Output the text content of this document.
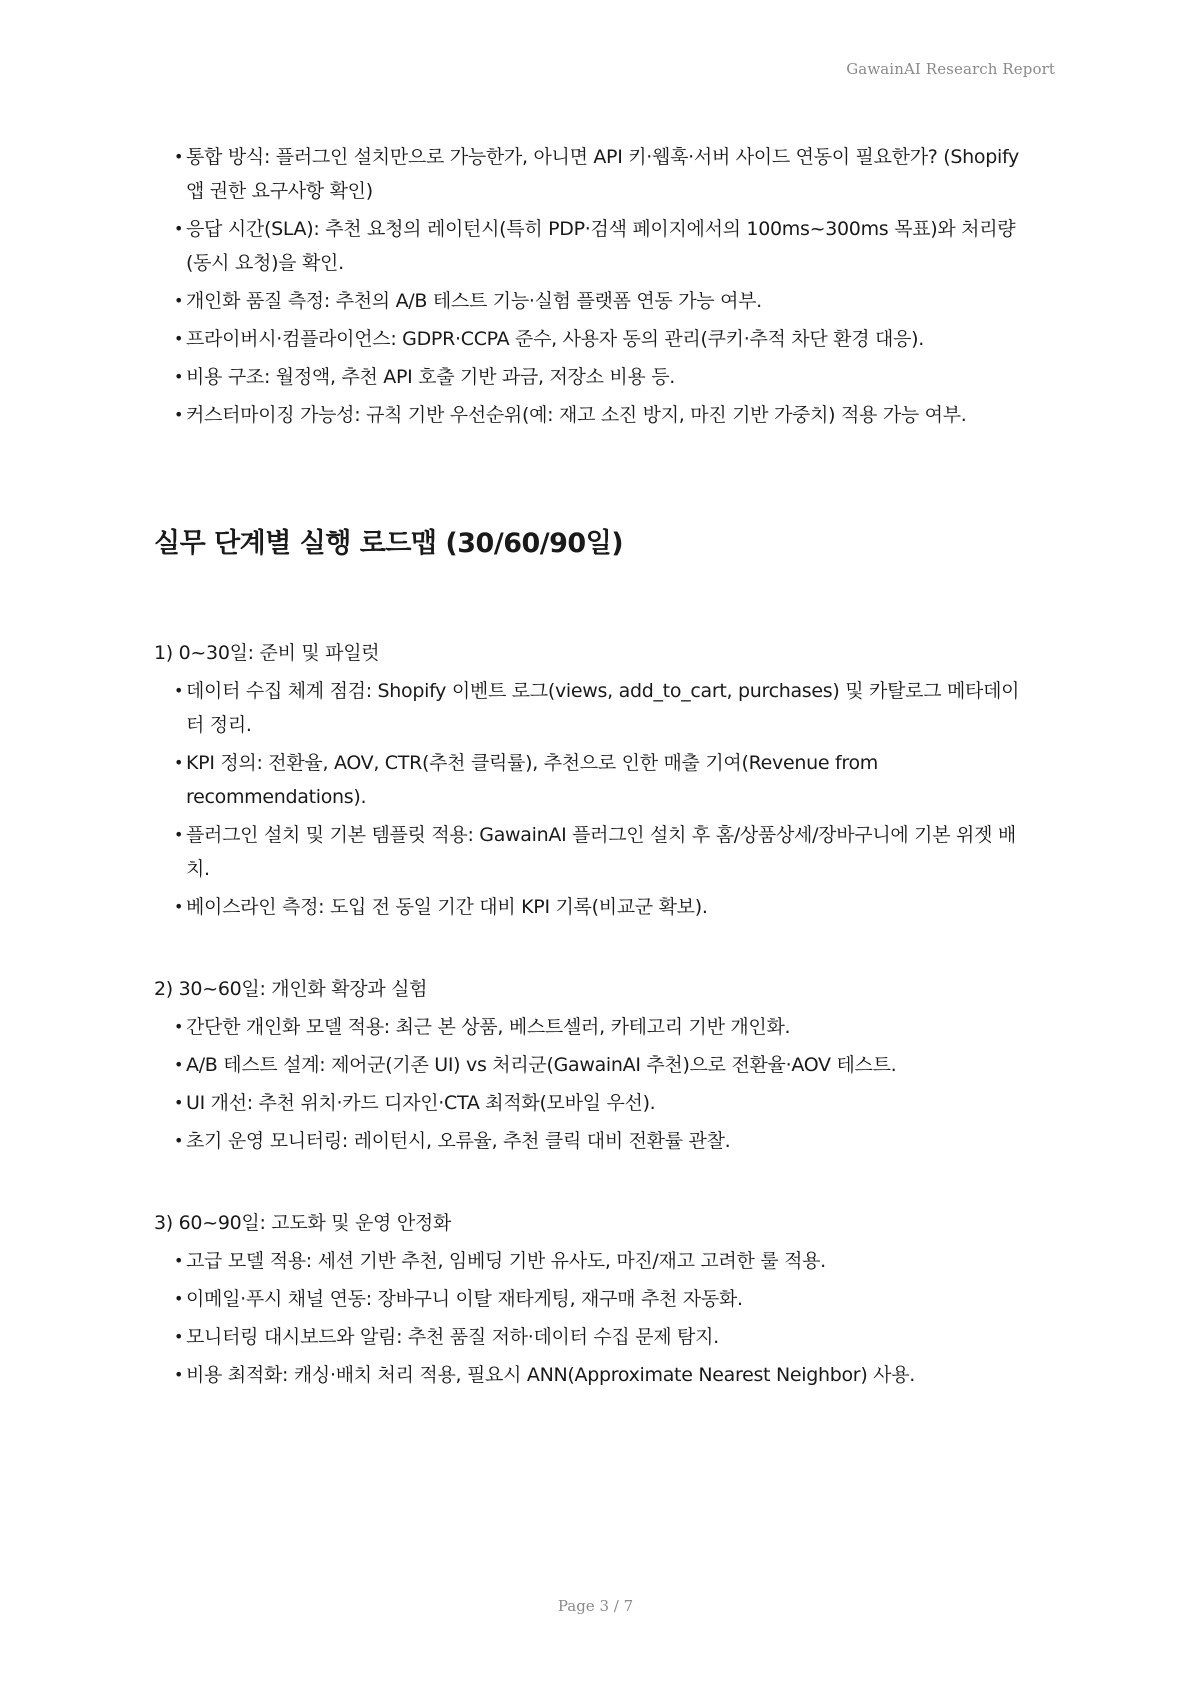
GawainAI Research Report
• 통합 방식: 플러그인 설치만으로 가능한가, 아니면 API 키·웹훅·서버 사이드 연동이 필요한가? (Shopify 앱 권한 요구사항 확인)
• 응답 시간(SLA): 추천 요청의 레이턴시(특히 PDP·검색 페이지에서의 100ms~300ms 목표)와 처리량(동시 요청)을 확인.
• 개인화 품질 측정: 추천의 A/B 테스트 기능·실험 플랫폼 연동 가능 여부.
• 프라이버시·컴플라이언스: GDPR·CCPA 준수, 사용자 동의 관리(쿠키·추적 차단 환경 대응).
• 비용 구조: 월정액, 추천 API 호출 기반 과금, 저장소 비용 등.
• 커스터마이징 가능성: 규칙 기반 우선순위(예: 재고 소진 방지, 마진 기반 가중치) 적용 가능 여부.
실무 단계별 실행 로드맵 (30/60/90일)
1) 0~30일: 준비 및 파일럿
• 데이터 수집 체계 점검: Shopify 이벤트 로그(views, add_to_cart, purchases) 및 카탈로그 메타데이터 정리.
• KPI 정의: 전환율, AOV, CTR(추천 클릭률), 추천으로 인한 매출 기여(Revenue from recommendations).
• 플러그인 설치 및 기본 템플릿 적용: GawainAI 플러그인 설치 후 홈/상품상세/장바구니에 기본 위젯 배치.
• 베이스라인 측정: 도입 전 동일 기간 대비 KPI 기록(비교군 확보).
2) 30~60일: 개인화 확장과 실험
• 간단한 개인화 모델 적용: 최근 본 상품, 베스트셀러, 카테고리 기반 개인화.
• A/B 테스트 설계: 제어군(기존 UI) vs 처리군(GawainAI 추천)으로 전환율·AOV 테스트.
• UI 개선: 추천 위치·카드 디자인·CTA 최적화(모바일 우선).
• 초기 운영 모니터링: 레이턴시, 오류율, 추천 클릭 대비 전환률 관찰.
3) 60~90일: 고도화 및 운영 안정화
• 고급 모델 적용: 세션 기반 추천, 임베딩 기반 유사도, 마진/재고 고려한 룰 적용.
• 이메일·푸시 채널 연동: 장바구니 이탈 재타게팅, 재구매 추천 자동화.
• 모니터링 대시보드와 알림: 추천 품질 저하·데이터 수집 문제 탐지.
• 비용 최적화: 캐싱·배치 처리 적용, 필요시 ANN(Approximate Nearest Neighbor) 사용.
Page 3 / 7
